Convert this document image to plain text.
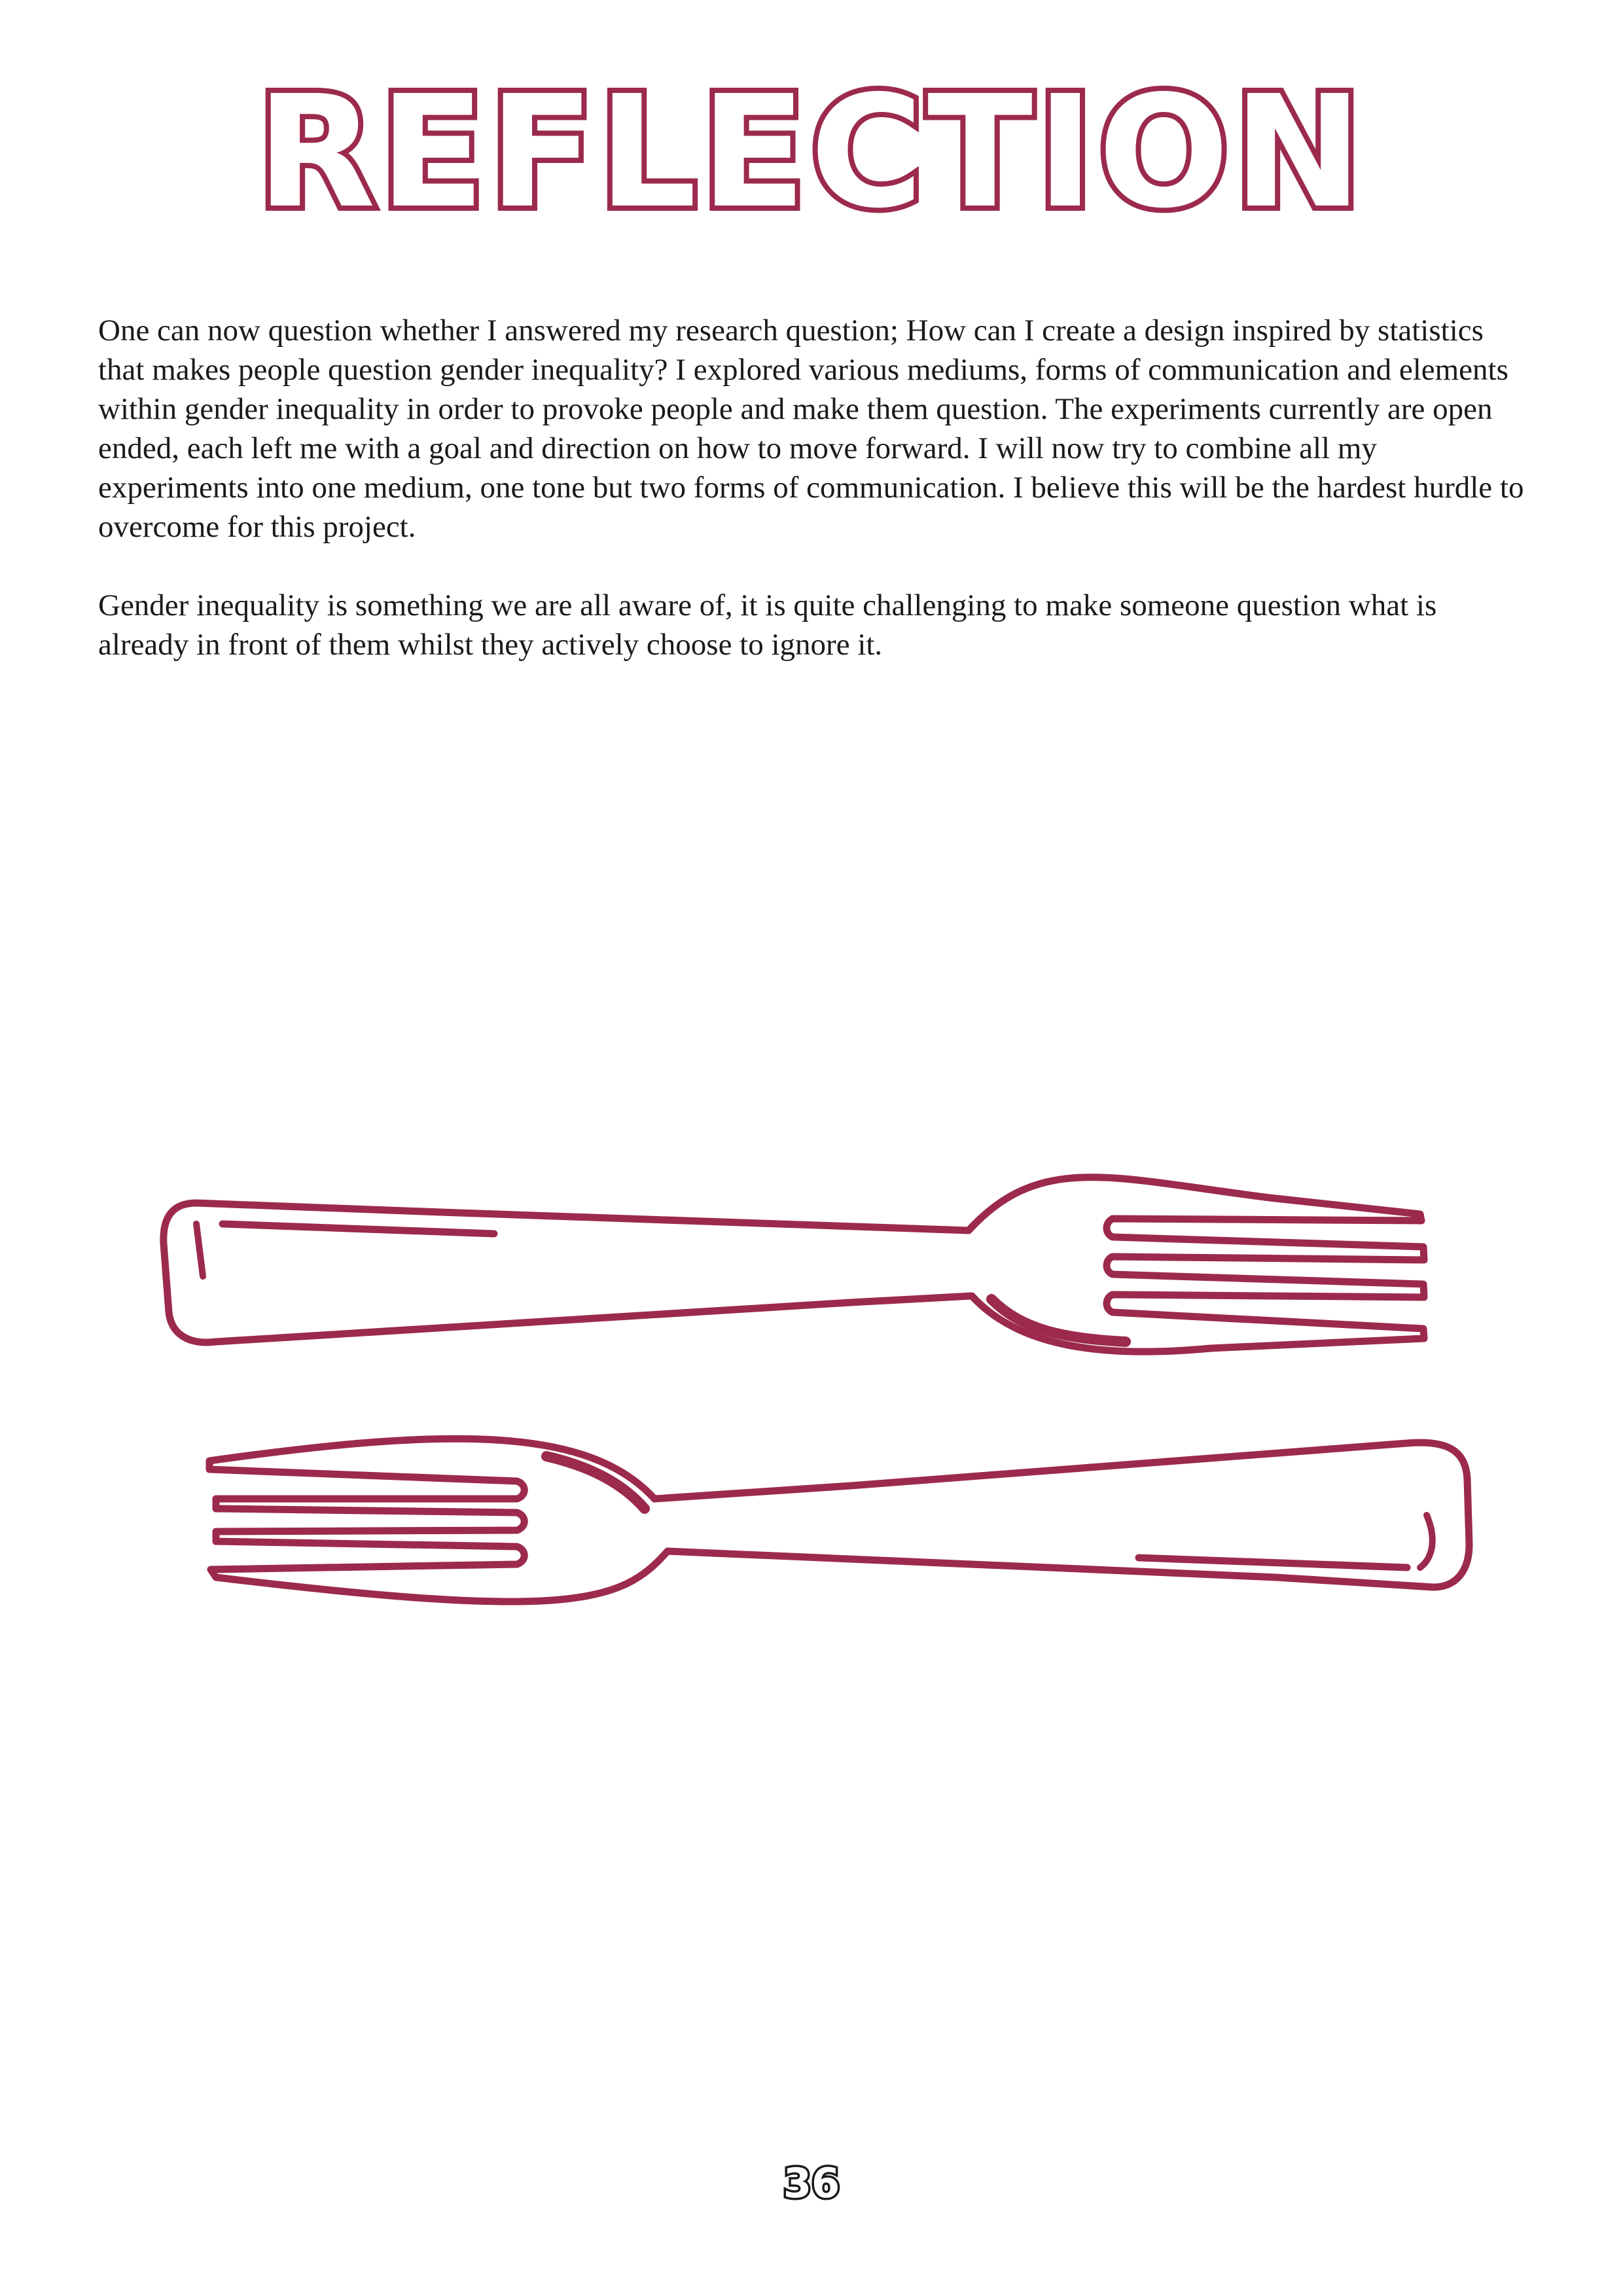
REFLECTION

One can now question whether I answered my research question; How can I create a design inspired by statistics that makes people question gender inequality? I explored various mediums, forms of communication and elements within gender inequality in order to provoke people and make them question. The experiments currently are open ended, each left me with a goal and direction on how to move forward. I will now try to combine all my experiments into one medium, one tone but two forms of communication. I believe this will be the hardest hurdle to overcome for this project.

Gender inequality is something we are all aware of, it is quite challenging to make someone question what is already in front of them whilst they actively choose to ignore it.

36
